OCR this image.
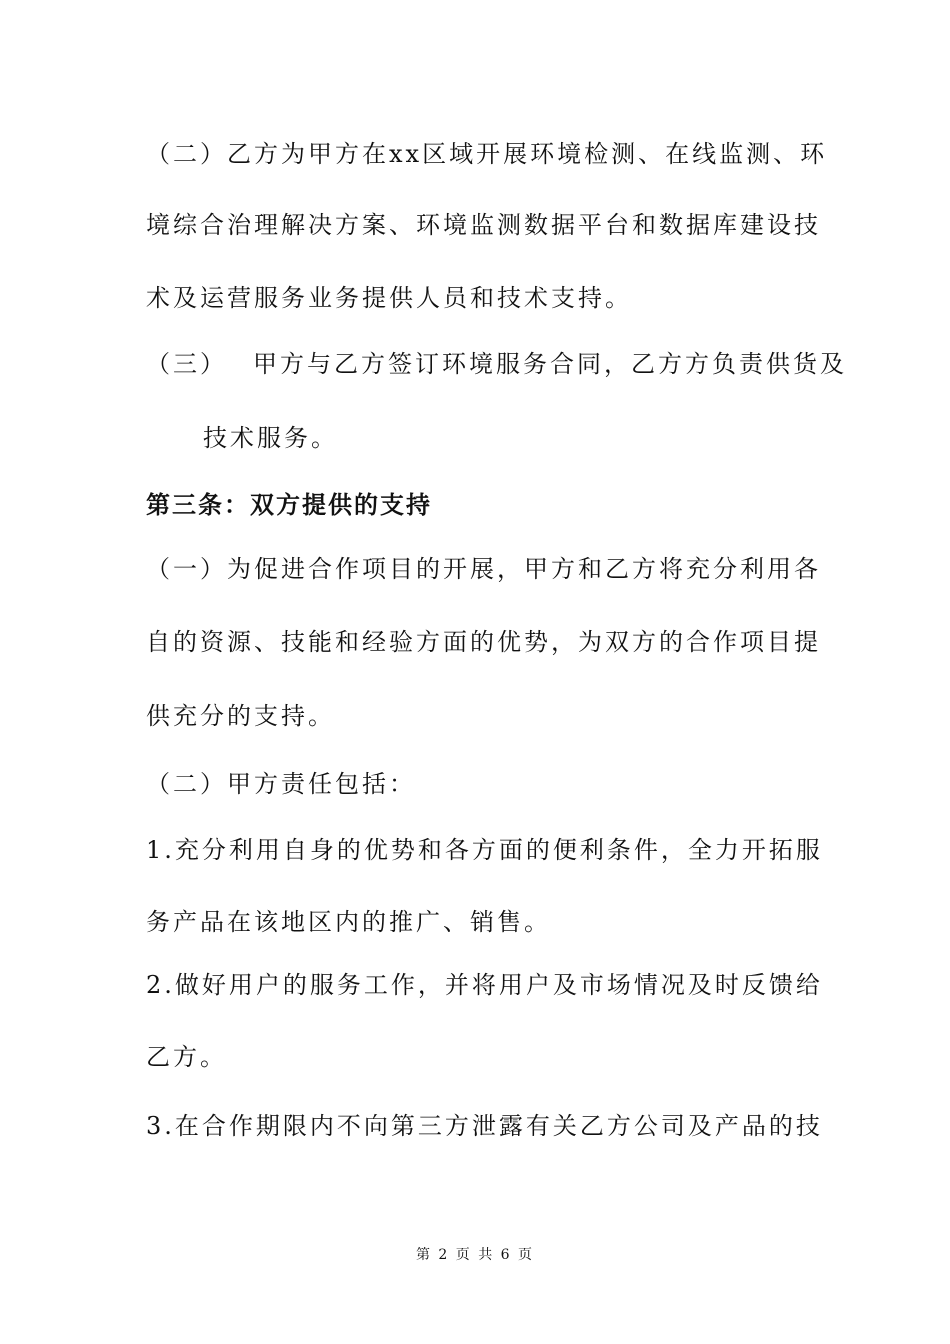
（二）乙方为甲方在xx区域开展环境检测、在线监测、环
境综合治理解决方案、环境监测数据平台和数据库建设技
术及运营服务业务提供人员和技术支持。
（三） 甲方与乙方签订环境服务合同，乙方方负责供货及
技术服务。
第三条：双方提供的支持
（一）为促进合作项目的开展，甲方和乙方将充分利用各
自的资源、技能和经验方面的优势，为双方的合作项目提
供充分的支持。
（二）甲方责任包括：
1.充分利用自身的优势和各方面的便利条件，全力开拓服
务产品在该地区内的推广、销售。
2.做好用户的服务工作，并将用户及市场情况及时反馈给
乙方。
3.在合作期限内不向第三方泄露有关乙方公司及产品的技
第 2 页 共 6 页
